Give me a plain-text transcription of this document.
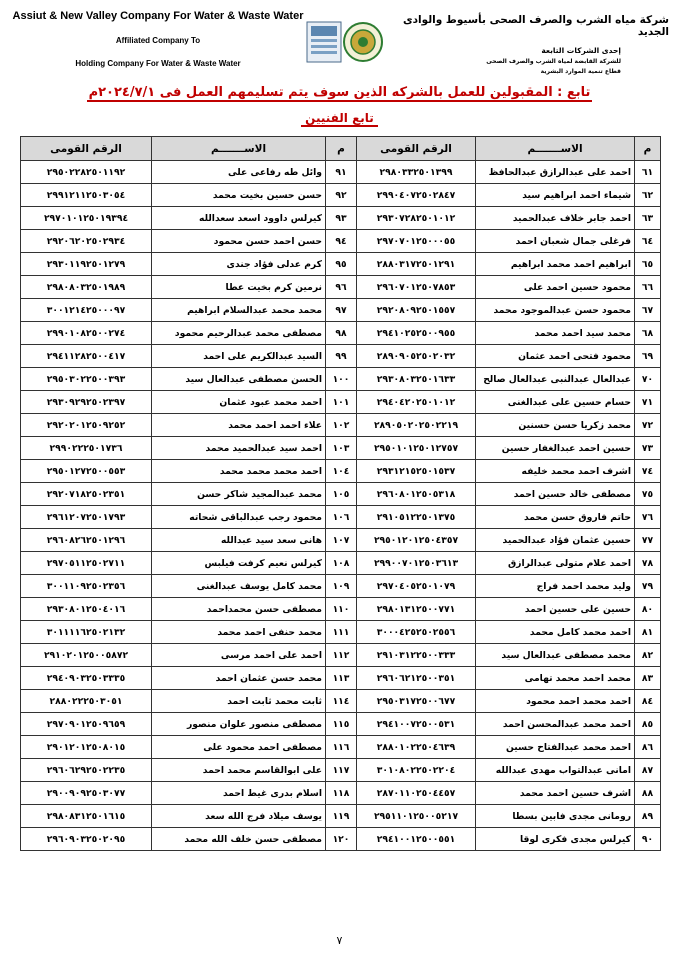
Assiut & New Valley Company For Water & Waste Water
Affiliated Company To
Holding Company For Water & Waste Water
شركة مياه الشرب والصرف الصحى بأسيوط والوادى الجديد
إحدى الشركات التابعة
للشركة القابضة لمياه الشرب والصرف الصحى
قطاع تنمية الموارد البشرية
تابع : المقبولين للعمل بالشركه الذين سوف يتم تسليمهم العمل فى ٢٠٢٤/٧/١م
تابع الفنيين
م	الاســـــــم	الرقم القومى	م	الاســـــــم	الرقم القومى
٦١	احمد على عبدالرازق عبدالحافظ	٢٩٨٠٣٣٢٥٠١٣٩٩	٩١	وائل طه رفاعى على	٢٩٥٠٢٢٨٢٥٠١١٩٢
٦٢	شيماء احمد ابراهيم سيد	٢٩٩٠٤٠٧٢٥٠٢٨٤٧	٩٢	حسن حسين بخيت محمد	٢٩٩١٢١١٢٥٠٣٠٥٤
٦٣	احمد جابر خلاف عبدالحميد	٢٩٣٠٧٢٨٢٥٠١٠١٢	٩٣	كيرلس داوود اسعد سعدالله	٢٩٧٠١٠١٢٥٠١٩٣٩٤
٦٤	فرغلى جمال شعبان احمد	٢٩٧٠٧٠١٢٥٠٠٠٥٥	٩٤	حسن احمد حسن محمود	٢٩٢٠٦٢٠٢٥٠٢٩٣٤
٦٥	ابراهيم احمد محمد ابراهيم	٢٨٨٠٣١٧٢٥٠١٢٩١	٩٥	كرم عدلى فؤاد جندى	٢٩٣٠١١٩٢٥٠١٢٧٩
٦٦	محمود حسين احمد على	٢٩٦٠٧٠١٢٥٠٧٨٥٣	٩٦	نرمين كرم بخيت عطا	٢٩٨٠٨٠٣٢٥٠١٩٨٩
٦٧	محمود حسن عبدالموجود محمد	٢٩٢٠٨٠٩٢٥٠١٥٥٧	٩٧	محمد محمد عبدالسلام ابراهيم	٣٠٠١٢١٤٢٥٠٠٠٩٧
٦٨	محمد سيد احمد محمد	٢٩٤١٠٢٥٢٥٠٠٩٥٥	٩٨	مصطفى محمد عبدالرحيم محمود	٢٩٩٠١٠٨٢٥٠٠٢٧٤
٦٩	محمود فتحى احمد عثمان	٢٨٩٠٩٠٥٢٥٠٢٠٣٢	٩٩	السيد عبدالكريم على احمد	٢٩٤١١٢٨٢٥٠٠٤١٧
٧٠	عبدالعال عبدالنبى عبدالعال صالح	٢٩٣٠٨٠٣٢٥٠١٦٣٣	١٠٠	الحسن مصطفى عبدالعال سيد	٢٩٥٠٣٠٢٢٥٠٠٣٩٣
٧١	حسام حسين على عبدالغنى	٢٩٤٠٤٢٠٢٥٠١٠١٢	١٠١	احمد محمد عبود عثمان	٢٩٣٠٩٢٩٢٥٠٢٣٩٧
٧٢	محمد زكريا حسن حسنين	٢٨٩٠٥٠٢٠٢٥٠٢٢١٩	١٠٢	علاء احمد احمد محمد	٢٩٢٠٢٠١٢٥٠٩٢٥٢
٧٣	حسين احمد عبدالغفار حسين	٢٩٥٠١٠١٢٥٠١٢٧٥٧	١٠٣	احمد سيد عبدالحميد محمد	٢٩٩٠٢٢٢٥٠١٧٣٦
٧٤	اشرف احمد محمد خليفه	٢٩٣١٢١٥٢٥٠١٥٣٧	١٠٤	احمد محمد محمد محمد	٢٩٥٠١٢٧٢٥٠٠٥٥٣
٧٥	مصطفى خالد حسين احمد	٢٩٦٠٨٠١٢٥٠٥٣١٨	١٠٥	محمد عبدالمجيد شاكر حسن	٢٩٢٠٧١٨٢٥٠٢٣٥١
٧٦	حاتم فاروق حسن محمد	٢٩١٠٥١٢٢٥٠١٣٧٥	١٠٦	محمود رجب عبدالباقى شحاته	٢٩٦١٢٠٧٢٥٠١٧٩٣
٧٧	حسين عثمان فؤاد عبدالحميد	٢٩٥٠١٢٠١٢٥٠٤٣٥٧	١٠٧	هانى سعد سيد عبدالله	٢٩٦٠٨٢٦٢٥٠١٢٩٦
٧٨	احمد علام متولى عبدالرازق	٢٩٩٠٠٧٠١٢٥٠٣٦١٣	١٠٨	كيرلس نعيم كرفت فيلبس	٢٩٧٠٥١١٢٥٠٢٧١١
٧٩	وليد محمد احمد فراج	٢٩٧٠٤٠٥٢٥٠١٠٧٩	١٠٩	محمد كامل يوسف عبدالغنى	٣٠٠١١٠٩٢٥٠٢٣٥٦
٨٠	حسين على حسين احمد	٢٩٨٠١٣١٢٥٠٠٧٧١	١١٠	مصطفى حسن محمداحمد	٢٩٣٠٨٠١٢٥٠٤٠١٦
٨١	احمد محمد كامل محمد	٣٠٠٠٤٢٥٢٥٠٢٥٥٦	١١١	محمد حنفى احمد محمد	٣٠١١١١٦٢٥٠٢١٣٢
٨٢	محمد مصطفى عبدالعال سيد	٢٩١٠٣١٢٢٥٠٠٣٣٣	١١٢	احمد على احمد مرسى	٢٩١٠٢٠١٢٥٠٠٥٨٧٢
٨٣	محمد احمد محمد تهامى	٢٩٦٠٦٢١٢٥٠٠٣٥١	١١٣	محمد حسن عثمان احمد	٢٩٤٠٩٠٣٢٥٠٣٣٣٥
٨٤	احمد محمد احمد محمود	٢٩٥٠٣١٧٢٥٠٠٦٧٧	١١٤	ثابت محمد ثابت احمد	٢٨٨٠٢٢٢٥٠٣٠٥١
٨٥	احمد محمد عبدالمحسن احمد	٢٩٤١٠٠٧٢٥٠٠٥٣١	١١٥	مصطفى منصور علوان منصور	٢٩٧٠٩٠١٢٥٠٩٦٥٩
٨٦	احمد محمد عبدالفتاح حسين	٢٨٨٠١٠٢٢٥٠٤٦٣٩	١١٦	مصطفى احمد محمود على	٢٩٠١٢٠١٢٥٠٨٠١٥
٨٧	امانى عبدالتواب مهدى عبدالله	٣٠١٠٨٠٢٢٥٠٢٢٠٤	١١٧	على ابوالقاسم محمد احمد	٢٩٦٠٦٢٩٢٥٠٢٢٣٥
٨٨	اشرف حسين احمد محمد	٢٨٧٠١١٠٢٥٠٤٤٥٧	١١٨	اسلام بدرى غيط احمد	٢٩٠٠٩٠٩٢٥٠٣٠٧٧
٨٩	رومانى مجدى فابين بسطا	٢٩٥١١٠١٢٥٠٠٥٢١٧	١١٩	يوسف ميلاد فرج الله سعد	٢٩٨٠٨٣١٢٥٠١٦١٥
٩٠	كيرلس مجدى فكرى لوقا	٢٩٤١٠٠١٢٥٠٠٥٥١	١٢٠	مصطفى حسن خلف الله محمد	٢٩٦٠٩٠٣٢٥٠٢٠٩٥
٧
